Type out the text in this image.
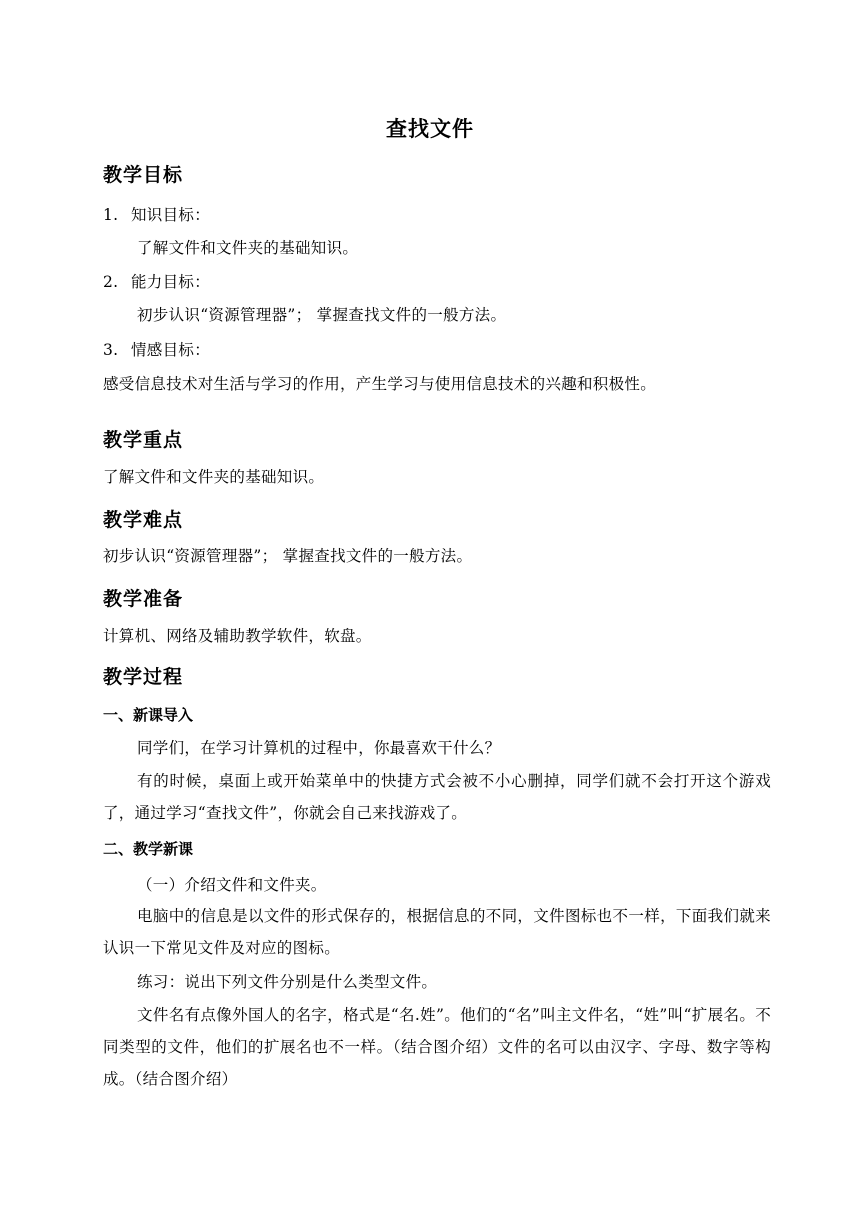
查找文件
教学目标
1. 知识目标：
了解文件和文件夹的基础知识。
2. 能力目标：
初步认识“资源管理器”； 掌握查找文件的一般方法。
3. 情感目标：
感受信息技术对生活与学习的作用，产生学习与使用信息技术的兴趣和积极性。
教学重点
了解文件和文件夹的基础知识。
教学难点
初步认识“资源管理器”； 掌握查找文件的一般方法。
教学准备
计算机、网络及辅助教学软件，软盘。
教学过程
一、新课导入
同学们，在学习计算机的过程中，你最喜欢干什么？
有的时候，桌面上或开始菜单中的快捷方式会被不小心删掉，同学们就不会打开这个游戏了，通过学习“查找文件”，你就会自己来找游戏了。
二、教学新课
（一）介绍文件和文件夹。
电脑中的信息是以文件的形式保存的，根据信息的不同，文件图标也不一样，下面我们就来认识一下常见文件及对应的图标。
练习：说出下列文件分别是什么类型文件。
文件名有点像外国人的名字，格式是“名.姓”。他们的“名”叫主文件名，“姓”叫“扩展名。不同类型的文件，他们的扩展名也不一样。（结合图介绍）文件的名可以由汉字、字母、数字等构成。（结合图介绍）
